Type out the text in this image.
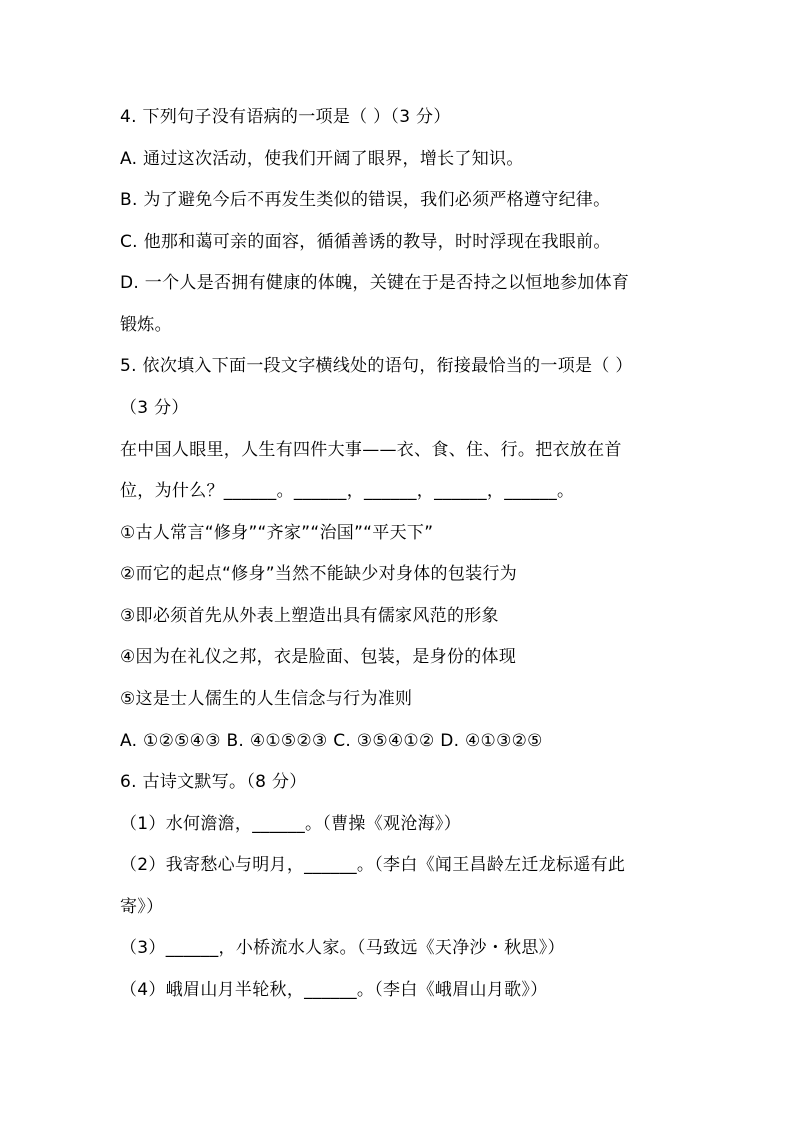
4. 下列句子没有语病的一项是（ ）（3 分）
A. 通过这次活动，使我们开阔了眼界，增长了知识。
B. 为了避免今后不再发生类似的错误，我们必须严格遵守纪律。
C. 他那和蔼可亲的面容，循循善诱的教导，时时浮现在我眼前。
D. 一个人是否拥有健康的体魄，关键在于是否持之以恒地参加体育
锻炼。
5. 依次填入下面一段文字横线处的语句，衔接最恰当的一项是（ ）
（3 分）
在中国人眼里，人生有四件大事——衣、食、住、行。把衣放在首
位，为什么？______。______，______，______，______。
①古人常言“修身”“齐家”“治国”“平天下”
②而它的起点“修身”当然不能缺少对身体的包装行为
③即必须首先从外表上塑造出具有儒家风范的形象
④因为在礼仪之邦，衣是脸面、包装，是身份的体现
⑤这是士人儒生的人生信念与行为准则
A. ①②⑤④③ B. ④①⑤②③ C. ③⑤④①② D. ④①③②⑤
6. 古诗文默写。（8 分）
（1）水何澹澹，______。（曹操《观沧海》）
（2）我寄愁心与明月，______。（李白《闻王昌龄左迁龙标遥有此
寄》）
（3）______，小桥流水人家。（马致远《天净沙・秋思》）
（4）峨眉山月半轮秋，______。（李白《峨眉山月歌》）
